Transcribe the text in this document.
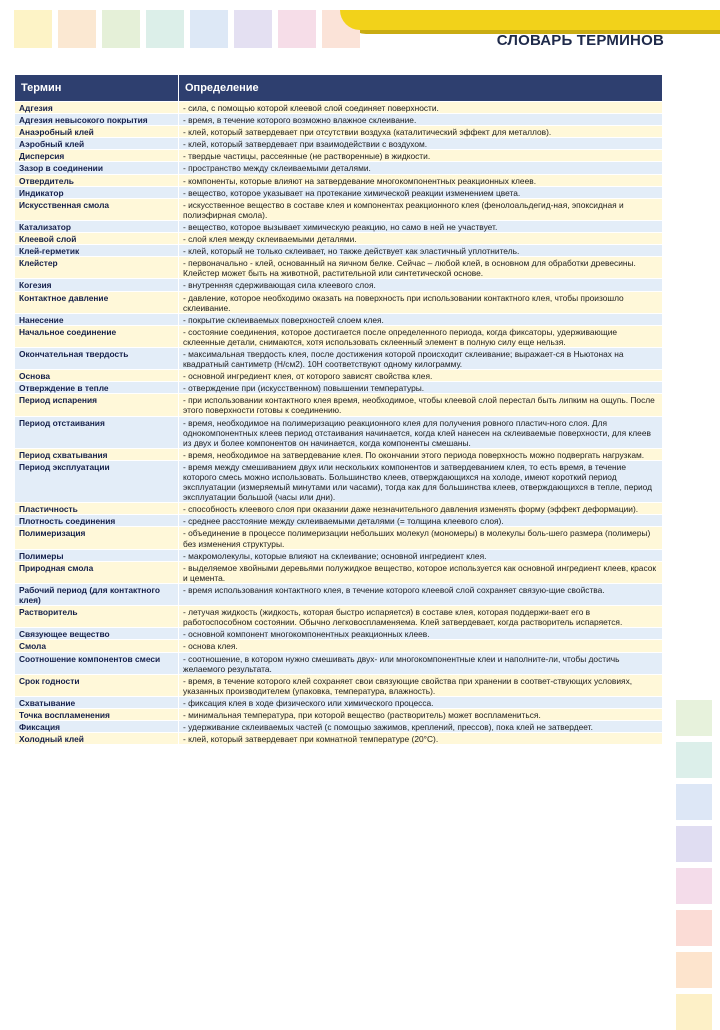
СЛОВАРЬ ТЕРМИНОВ
Термин	Определение
Адгезия	- сила, с помощью которой клеевой слой соединяет поверхности.
Адгезия невысокого покрытия	- время, в течение которого возможно влажное склеивание.
Анаэробный клей	- клей, который затвердевает при отсутствии воздуха (каталитический эффект для металлов).
Аэробный клей	- клей, который затвердевает при взаимодействии с воздухом.
Дисперсия	- твердые частицы, рассеянные (не растворенные) в жидкости.
Зазор в соединении	- пространство между склеиваемыми деталями.
Отвердитель	- компоненты, которые влияют на затвердевание многокомпонентных реакционных клеев.
Индикатор	- вещество, которое указывает на протекание химической реакции изменением цвета.
Искусственная смола	- искусственное вещество в составе клея и компонентах реакционного клея (фенолоальдегид-ная, эпоксидная и полиэфирная смола).
Катализатор	- вещество, которое вызывает химическую реакцию, но само в ней не участвует.
Клеевой слой	- слой клея между склеиваемыми деталями.
Клей-герметик	- клей, который не только склеивает, но также действует как эластичный уплотнитель.
Клейстер	- первоначально - клей, основанный на яичном белке. Сейчас – любой клей, в основном для обработки древесины. Клейстер может быть на животной, растительной или синтетической основе.
Когезия	- внутренняя сдерживающая сила клеевого слоя.
Контактное давление	- давление, которое необходимо оказать на поверхность при использовании контактного клея, чтобы произошло склеивание.
Нанесение	- покрытие склеиваемых поверхностей слоем клея.
Начальное соединение	- состояние соединения, которое достигается после определенного периода, когда фиксаторы, удерживающие склеенные детали, снимаются, хотя использовать склеенный элемент в полную силу еще нельзя.
Окончательная твердость	- максимальная твердость клея, после достижения которой происходит склеивание; выражает-ся в Ньютонах на квадратный сантиметр (Н/см2). 10Н соответствуют одному килограмму.
Основа	- основной ингредиент клея, от которого зависят свойства клея.
Отверждение в тепле	- отверждение при (искусственном) повышении температуры.
Период испарения	- при использовании контактного клея время, необходимое, чтобы клеевой слой перестал быть липким на ощупь. После этого поверхности готовы к соединению.
Период отстаивания	- время, необходимое на полимеризацию реакционного клея для получения ровного пластич-ного слоя. Для однокомпонентных клеев период отстаивания начинается, когда клей нанесен на склеиваемые поверхности, для клеев из двух и более компонентов он начинается, когда компоненты смешаны.
Период схватывания	- время, необходимое на затвердевание клея. По окончании этого периода поверхность можно подвергать нагрузкам.
Период эксплуатации	- время между смешиванием двух или нескольких компонентов и затвердеванием клея, то есть время, в течение которого смесь можно использовать. Большинство клеев, отверждающихся на холоде, имеют короткий период эксплуатации (измеряемый минутами или часами), тогда как для большинства клеев, отверждающихся в тепле, период эксплуатации большой (часы или дни).
Пластичность	- способность клеевого слоя при оказании даже незначительного давления изменять форму (эффект деформации).
Плотность соединения	- среднее расстояние между склеиваемыми деталями (= толщина клеевого слоя).
Полимеризация	- объединение в процессе полимеризации небольших молекул (мономеры) в молекулы боль-шего размера (полимеры) без изменения структуры.
Полимеры	- макромолекулы, которые влияют на склеивание; основной ингредиент клея.
Природная смола	- выделяемое хвойными деревьями полужидкое вещество, которое используется как основной ингредиент клеев, красок и цемента.
Рабочий период (для контактного клея)	- время использования контактного клея, в течение которого клеевой слой сохраняет связую-щие свойства.
Растворитель	- летучая жидкость (жидкость, которая быстро испаряется) в составе клея, которая поддержи-вает его в работоспособном состоянии. Обычно легковоспламеняема. Клей затвердевает, когда растворитель испаряется.
Связующее вещество	- основной компонент многокомпонентных реакционных клеев.
Смола	- основа клея.
Соотношение компонентов смеси	- соотношение, в котором нужно смешивать двух- или многокомпонентные клеи и наполните-ли, чтобы достичь желаемого результата.
Срок годности	- время, в течение которого клей сохраняет свои связующие свойства при хранении в соответ-ствующих условиях, указанных производителем (упаковка, температура, влажность).
Схватывание	- фиксация клея в ходе физического или химического процесса.
Точка воспламенения	- минимальная температура, при которой вещество (растворитель) может воспламениться.
Фиксация	- удерживание склеиваемых частей (с помощью зажимов, креплений, прессов), пока клей не затвердеет.
Холодный клей	- клей, который затвердевает при комнатной температуре (20°С).
